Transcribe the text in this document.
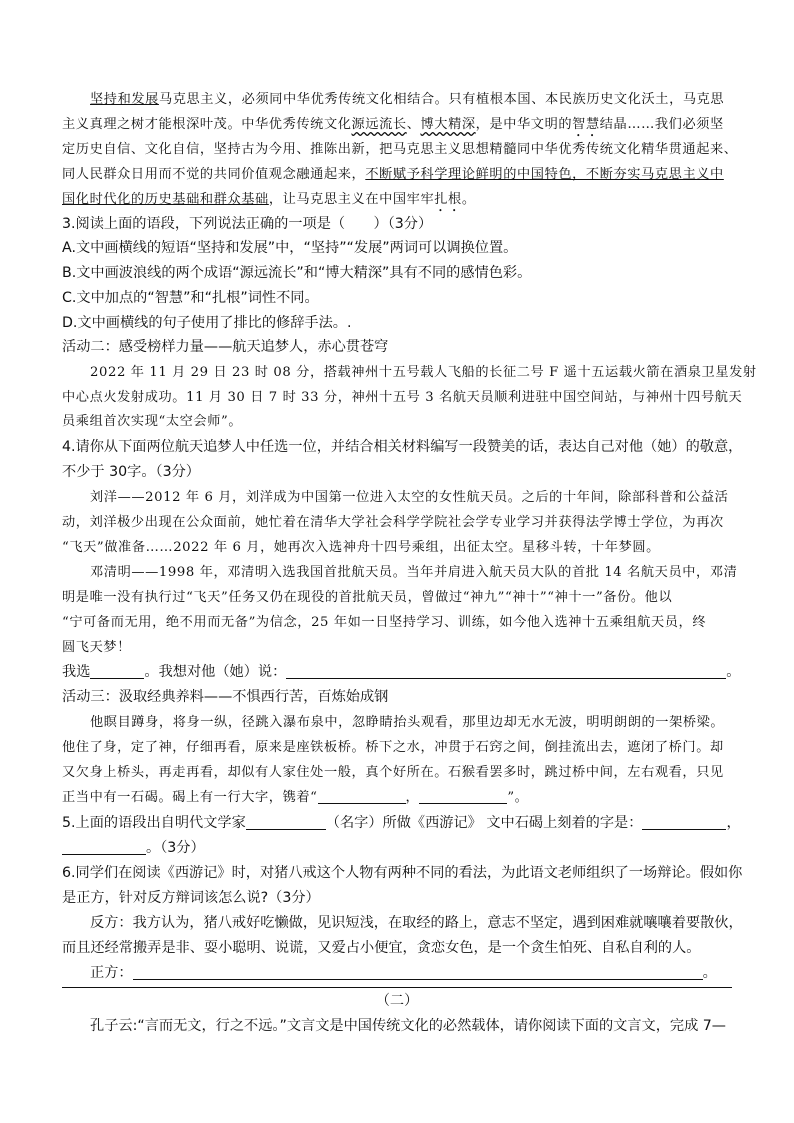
坚持和发展马克思主义，必须同中华优秀传统文化相结合。只有植根本国、本民族历史文化沃土，马克思
主义真理之树才能根深叶茂。中华优秀传统文化源远流长、博大精深，是中华文明的智慧结晶……我们必须坚
定历史自信、文化自信，坚持古为今用、推陈出新，把马克思主义思想精髓同中华优秀传统文化精华贯通起来、
同人民群众日用而不觉的共同价值观念融通起来，不断赋予科学理论鲜明的中国特色，不断夯实马克思主义中
国化时代化的历史基础和群众基础，让马克思主义在中国牢牢扎根。
3.阅读上面的语段，下列说法正确的一项是（　　）（3分）
A.文中画横线的短语“坚持和发展”中，“坚持”“发展”两词可以调换位置。
B.文中画波浪线的两个成语“源远流长”和“博大精深”具有不同的感情色彩。
C.文中加点的“智慧”和“扎根”词性不同。
D.文中画横线的句子使用了排比的修辞手法。.
活动二：感受榜样力量——航天追梦人，赤心贯苍穹
2022 年 11 月 29 日 23 时 08 分，搭载神州十五号载人飞船的长征二号 F 遥十五运载火箭在酒泉卫星发射
中心点火发射成功。11 月 30 日 7 时 33 分，神州十五号 3 名航天员顺利进驻中国空间站，与神州十四号航天
员乘组首次实现“太空会师”。
4.请你从下面两位航天追梦人中任选一位，并结合相关材料编写一段赞美的话，表达自己对他（她）的敬意，
不少于 30字。（3分）
刘洋——2012 年 6 月，刘洋成为中国第一位进入太空的女性航天员。之后的十年间，除部科普和公益活
动，刘洋极少出现在公众面前，她忙着在清华大学社会科学学院社会学专业学习并获得法学博士学位，为再次
“飞天”做准备……2022 年 6 月，她再次入选神舟十四号乘组，出征太空。星移斗转，十年梦圆。
邓清明——1998 年，邓清明入选我国首批航天员。当年并肩进入航天员大队的首批 14 名航天员中，邓清
明是唯一没有执行过“飞天”任务又仍在现役的首批航天员，曾做过“神九”“神十”“神十一”备份。他以
“宁可备而无用，绝不用而无备”为信念，25 年如一日坚持学习、训练，如今他入选神十五乘组航天员，终
圆飞天梦！
我选	。我想对他（她）说：	。
活动三：汲取经典养料——不惧西行苦，百炼始成钢
他瞑目蹲身，将身一纵，径跳入瀑布泉中，忽睁睛抬头观看，那里边却无水无波，明明朗朗的一架桥梁。
他住了身，定了神，仔细再看，原来是座铁板桥。桥下之水，冲贯于石窍之间，倒挂流出去，遮闭了桥门。却
又欠身上桥头，再走再看，却似有人家住处一般，真个好所在。石猴看罢多时，跳过桥中间，左右观看，只见
正当中有一石碣。碣上有一行大字，镌着“	，	”。
5.上面的语段出自明代文学家	（名字）所做《西游记》 文中石碣上刻着的字是：	，
。（3分）
6.同学们在阅读《西游记》时，对猪八戒这个人物有两种不同的看法，为此语文老师组织了一场辩论。假如你
是正方，针对反方辩词该怎么说?（3分）
反方：我方认为，猪八戒好吃懒做，见识短浅，在取经的路上，意志不坚定，遇到困难就嚷嚷着要散伙，
而且还经常搬弄是非、耍小聪明、说谎，又爱占小便宜，贪恋女色，是一个贪生怕死、自私自利的人。
正方：	。
（二）
孔子云:“言而无文，行之不远。”文言文是中国传统文化的必然载体，请你阅读下面的文言文，完成 7—
